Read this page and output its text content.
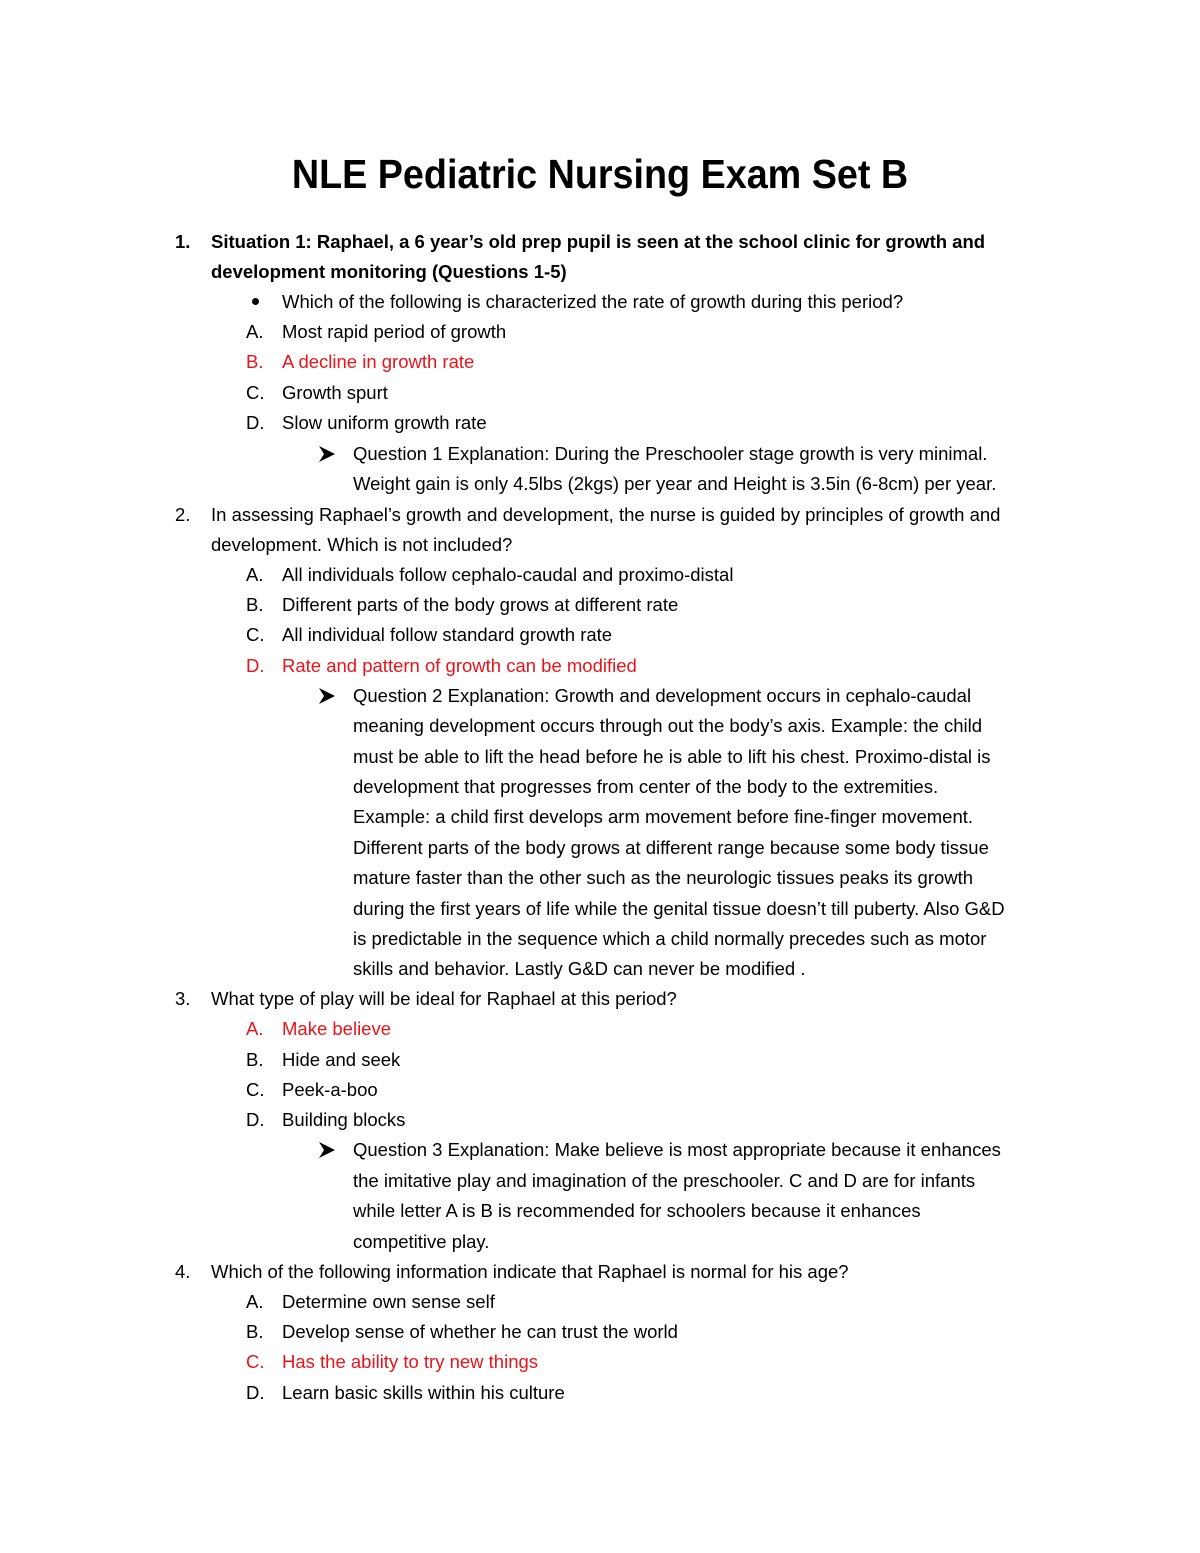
NLE Pediatric Nursing Exam Set B
1. Situation 1: Raphael, a 6 year’s old prep pupil is seen at the school clinic for growth and
development monitoring (Questions 1-5)
Which of the following is characterized the rate of growth during this period?
A. Most rapid period of growth
B. A decline in growth rate
C. Growth spurt
D. Slow uniform growth rate
Question 1 Explanation: During the Preschooler stage growth is very minimal.
Weight gain is only 4.5lbs (2kgs) per year and Height is 3.5in (6-8cm) per year.
2. In assessing Raphael’s growth and development, the nurse is guided by principles of growth and
development. Which is not included?
A. All individuals follow cephalo-caudal and proximo-distal
B. Different parts of the body grows at different rate
C. All individual follow standard growth rate
D. Rate and pattern of growth can be modified
Question 2 Explanation: Growth and development occurs in cephalo-caudal
meaning development occurs through out the body’s axis. Example: the child
must be able to lift the head before he is able to lift his chest. Proximo-distal is
development that progresses from center of the body to the extremities.
Example: a child first develops arm movement before fine-finger movement.
Different parts of the body grows at different range because some body tissue
mature faster than the other such as the neurologic tissues peaks its growth
during the first years of life while the genital tissue doesn’t till puberty. Also G&D
is predictable in the sequence which a child normally precedes such as motor
skills and behavior. Lastly G&D can never be modified .
3. What type of play will be ideal for Raphael at this period?
A. Make believe
B. Hide and seek
C. Peek-a-boo
D. Building blocks
Question 3 Explanation: Make believe is most appropriate because it enhances
the imitative play and imagination of the preschooler. C and D are for infants
while letter A is B is recommended for schoolers because it enhances
competitive play.
4. Which of the following information indicate that Raphael is normal for his age?
A. Determine own sense self
B. Develop sense of whether he can trust the world
C. Has the ability to try new things
D. Learn basic skills within his culture
